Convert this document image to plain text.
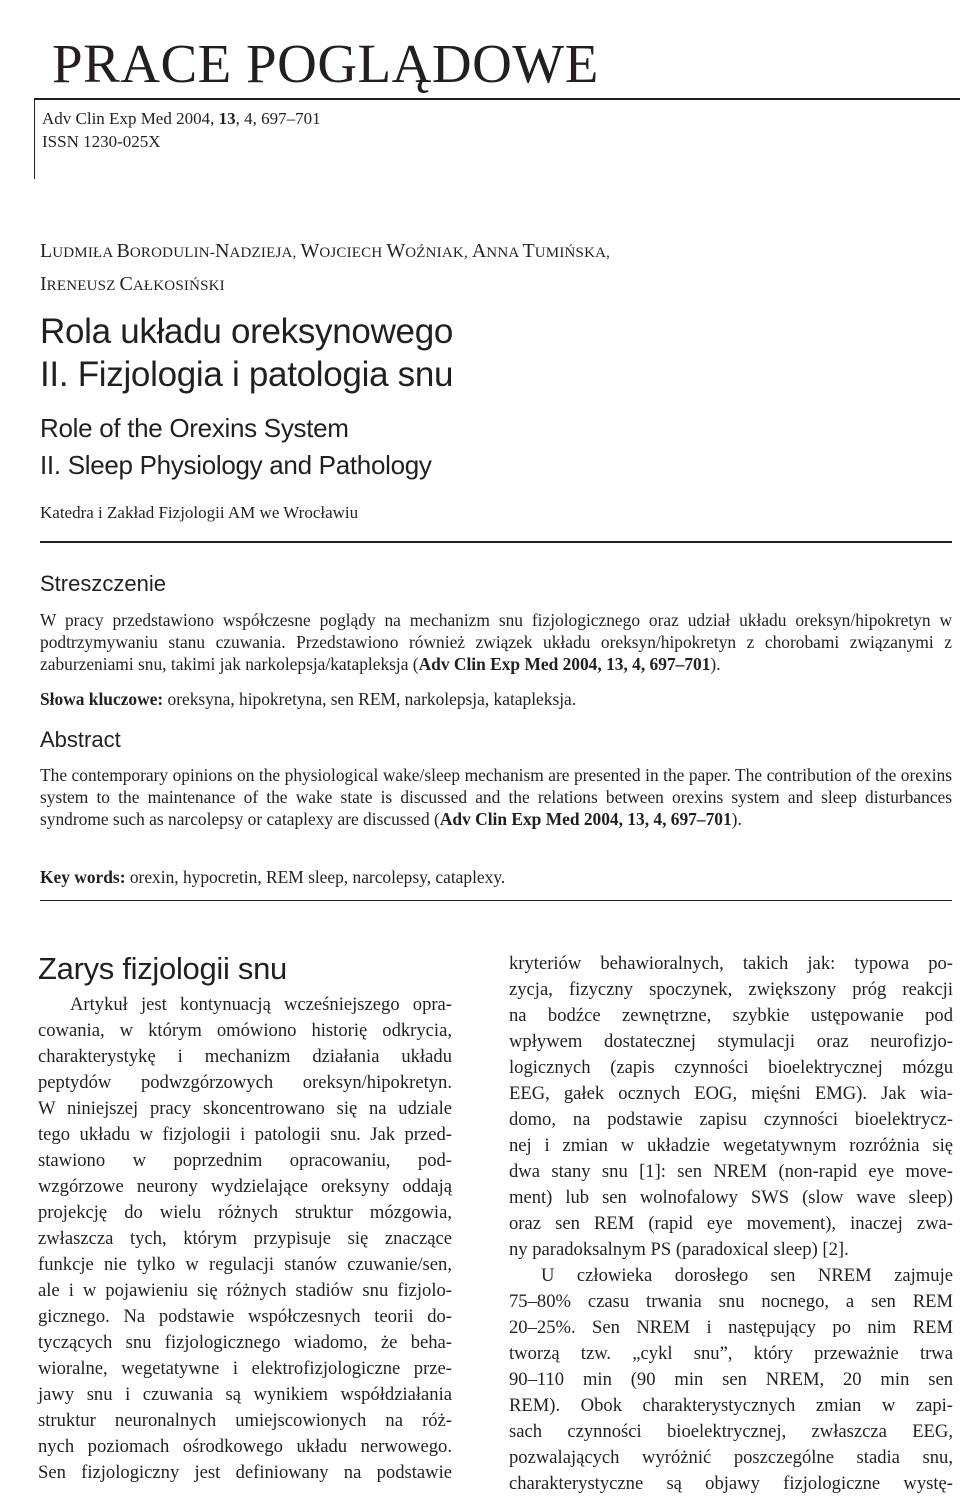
PRACE POGLĄDOWE
Adv Clin Exp Med 2004, 13, 4, 697–701
ISSN 1230-025X
LUDMIŁA BORODULIN-NADZIEJA, WOJCIECH WOŹNIAK, ANNA TUMIŃSKA,
IRENEUSZ CAŁKOSIŃSKI
Rola układu oreksynowego
II. Fizjologia i patologia snu
Role of the Orexins System
II. Sleep Physiology and Pathology
Katedra i Zakład Fizjologii AM we Wrocławiu
Streszczenie
W pracy przedstawiono współczesne poglądy na mechanizm snu fizjologicznego oraz udział układu oreksyn/hipokretyn w podtrzymywaniu stanu czuwania. Przedstawiono również związek układu oreksyn/hipokretyn z chorobami związanymi z zaburzeniami snu, takimi jak narkolepsja/katapleksja (Adv Clin Exp Med 2004, 13, 4, 697–701).
Słowa kluczowe: oreksyna, hipokretyna, sen REM, narkolepsja, katapleksja.
Abstract
The contemporary opinions on the physiological wake/sleep mechanism are presented in the paper. The contribution of the orexins system to the maintenance of the wake state is discussed and the relations between orexins system and sleep disturbances syndrome such as narcolepsy or cataplexy are discussed (Adv Clin Exp Med 2004, 13, 4, 697–701).
Key words: orexin, hypocretin, REM sleep, narcolepsy, cataplexy.
Zarys fizjologii snu

Artykuł jest kontynuacją wcześniejszego opra-

cowania, w którym omówiono historię odkrycia,

charakterystykę i mechanizm działania układu

peptydów podwzgórzowych oreksyn/hipokretyn.

W niniejszej pracy skoncentrowano się na udziale

tego układu w fizjologii i patologii snu. Jak przed-

stawiono w poprzednim opracowaniu, pod-

wzgórzowe neurony wydzielające oreksyny oddają

projekcję do wielu różnych struktur mózgowia,

zwłaszcza tych, którym przypisuje się znaczące

funkcje nie tylko w regulacji stanów czuwanie/sen,

ale i w pojawieniu się różnych stadiów snu fizjolo-

gicznego. Na podstawie współczesnych teorii do-

tyczących snu fizjologicznego wiadomo, że beha-

wioralne, wegetatywne i elektrofizjologiczne prze-

jawy snu i czuwania są wynikiem współdziałania

struktur neuronalnych umiejscowionych na róż-

nych poziomach ośrodkowego układu nerwowego.

Sen fizjologiczny jest definiowany na podstawie

kryteriów behawioralnych, takich jak: typowa po-

zycja, fizyczny spoczynek, zwiększony próg reakcji

na bodźce zewnętrzne, szybkie ustępowanie pod

wpływem dostatecznej stymulacji oraz neurofizjo-

logicznych (zapis czynności bioelektrycznej mózgu

EEG, gałek ocznych EOG, mięśni EMG). Jak wia-

domo, na podstawie zapisu czynności bioelektrycz-

nej i zmian w układzie wegetatywnym rozróżnia się

dwa stany snu [1]: sen NREM (non-rapid eye move-

ment) lub sen wolnofalowy SWS (slow wave sleep)

oraz sen REM (rapid eye movement), inaczej zwa-

ny paradoksalnym PS (paradoxical sleep) [2].

U człowieka dorosłego sen NREM zajmuje

75–80% czasu trwania snu nocnego, a sen REM

20–25%. Sen NREM i następujący po nim REM

tworzą tzw. „cykl snu”, który przeważnie trwa

90–110 min (90 min sen NREM, 20 min sen

REM). Obok charakterystycznych zmian w zapi-

sach czynności bioelektrycznej, zwłaszcza EEG,

pozwalających wyróżnić poszczególne stadia snu,

charakterystyczne są objawy fizjologiczne wystę-
